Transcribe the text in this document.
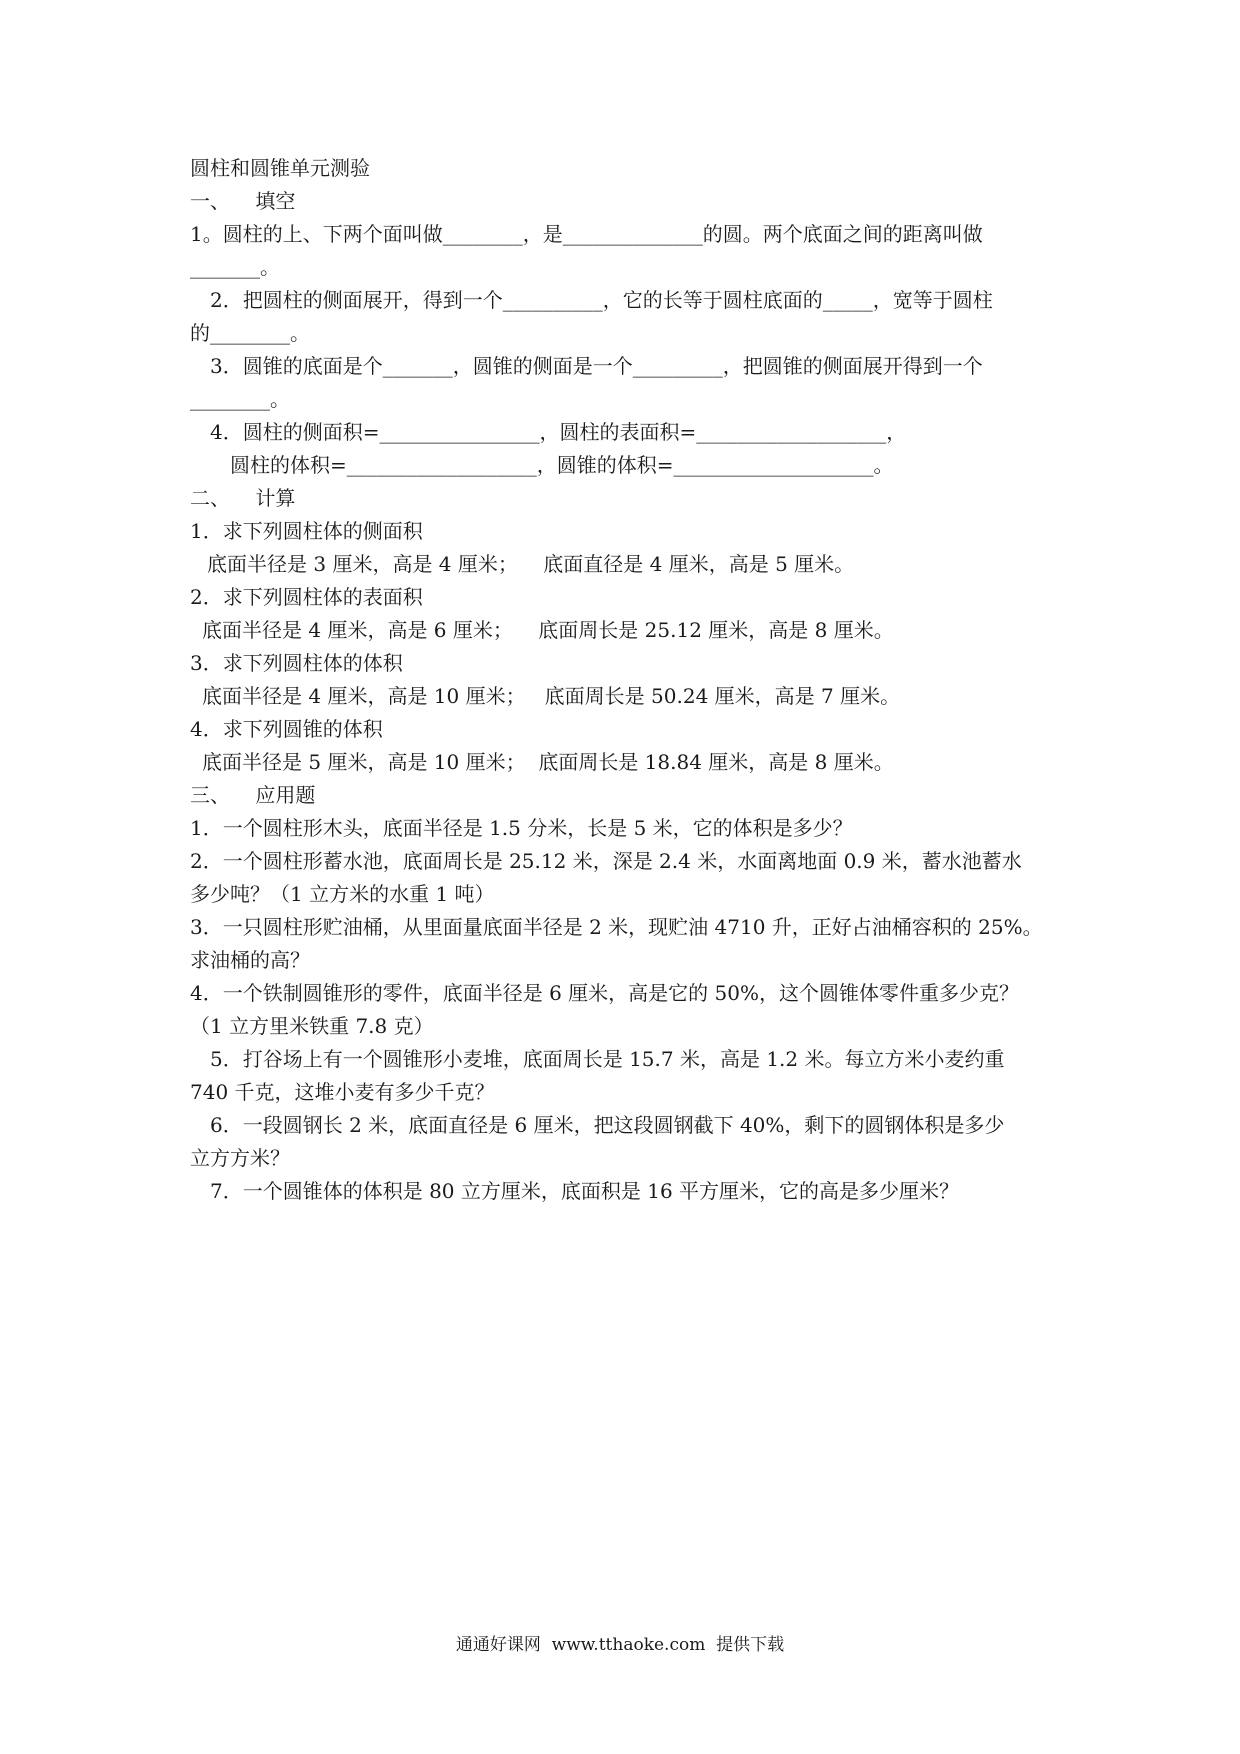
圆柱和圆锥单元测验

一、    填空

1。圆柱的上、下两个面叫做________，是______________的圆。两个底面之间的距离叫做

_______。

2．把圆柱的侧面展开，得到一个__________，它的长等于圆柱底面的_____，宽等于圆柱

的________。

3．圆锥的底面是个_______，圆锥的侧面是一个_________，把圆锥的侧面展开得到一个

________。

4．圆柱的侧面积=________________，圆柱的表面积=___________________，

圆柱的体积=___________________，圆锥的体积=____________________。

二、    计算

1．求下列圆柱体的侧面积

底面半径是 3 厘米，高是 4 厘米；    底面直径是 4 厘米，高是 5 厘米。

2．求下列圆柱体的表面积

底面半径是 4 厘米，高是 6 厘米；    底面周长是 25.12 厘米，高是 8 厘米。

3．求下列圆柱体的体积

底面半径是 4 厘米，高是 10 厘米；   底面周长是 50.24 厘米，高是 7 厘米。

4．求下列圆锥的体积

底面半径是 5 厘米，高是 10 厘米；  底面周长是 18.84 厘米，高是 8 厘米。

三、    应用题

1．一个圆柱形木头，底面半径是 1.5 分米，长是 5 米，它的体积是多少？

2．一个圆柱形蓄水池，底面周长是 25.12 米，深是 2.4 米，水面离地面 0.9 米，蓄水池蓄水

多少吨？（1 立方米的水重 1 吨）

3．一只圆柱形贮油桶，从里面量底面半径是 2 米，现贮油 4710 升，正好占油桶容积的 25%。

求油桶的高？

4．一个铁制圆锥形的零件，底面半径是 6 厘米，高是它的 50%，这个圆锥体零件重多少克？

（1 立方里米铁重 7.8 克）

5．打谷场上有一个圆锥形小麦堆，底面周长是 15.7 米，高是 1.2 米。每立方米小麦约重

740 千克，这堆小麦有多少千克？

6．一段圆钢长 2 米，底面直径是 6 厘米，把这段圆钢截下 40%，剩下的圆钢体积是多少

立方方米？

7．一个圆锥体的体积是 80 立方厘米，底面积是 16 平方厘米，它的高是多少厘米？

通通好课网  www.tthaoke.com  提供下载
